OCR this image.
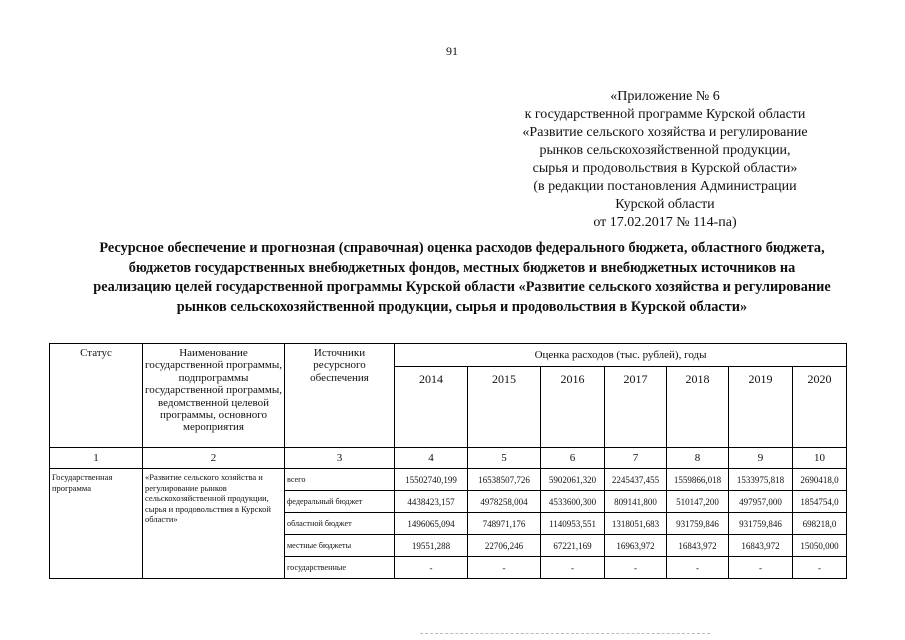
91
«Приложение № 6
к государственной программе Курской области
«Развитие сельского хозяйства и регулирование
рынков сельскохозяйственной продукции,
сырья и продовольствия в Курской области»
(в редакции постановления Администрации
Курской области
от 17.02.2017 № 114-па)
Ресурсное обеспечение и прогнозная (справочная) оценка расходов федерального бюджета, областного бюджета,
бюджетов государственных внебюджетных фондов, местных бюджетов и внебюджетных источников на
реализацию целей государственной программы Курской области «Развитие сельского хозяйства и регулирование
рынков сельскохозяйственной продукции, сырья и продовольствия в Курской области»
Статус	Наименование государственной программы, подпрограммы государственной программы, ведомственной целевой программы, основного мероприятия	Источники ресурсного обеспечения	Оценка расходов (тыс. рублей), годы						
			2014	2015	2016	2017	2018	2019	2020
1	2	3	4	5	6	7	8	9	10
Государственная программа	«Развитие сельского хозяйства и регулирование рынков сельскохозяйственной продукции, сырья и продовольствия в Курской области»	всего	15502740,199	16538507,726	5902061,320	2245437,455	1559866,018	1533975,818	2690418,0
		федеральный бюджет	4438423,157	4978258,004	4533600,300	809141,800	510147,200	497957,000	1854754,0
		областной бюджет	1496065,094	748971,176	1140953,551	1318051,683	931759,846	931759,846	698218,0
		местные бюджеты	19551,288	22706,246	67221,169	16963,972	16843,972	16843,972	15050,000
		государственные	-	-	-	-	-	-	-
